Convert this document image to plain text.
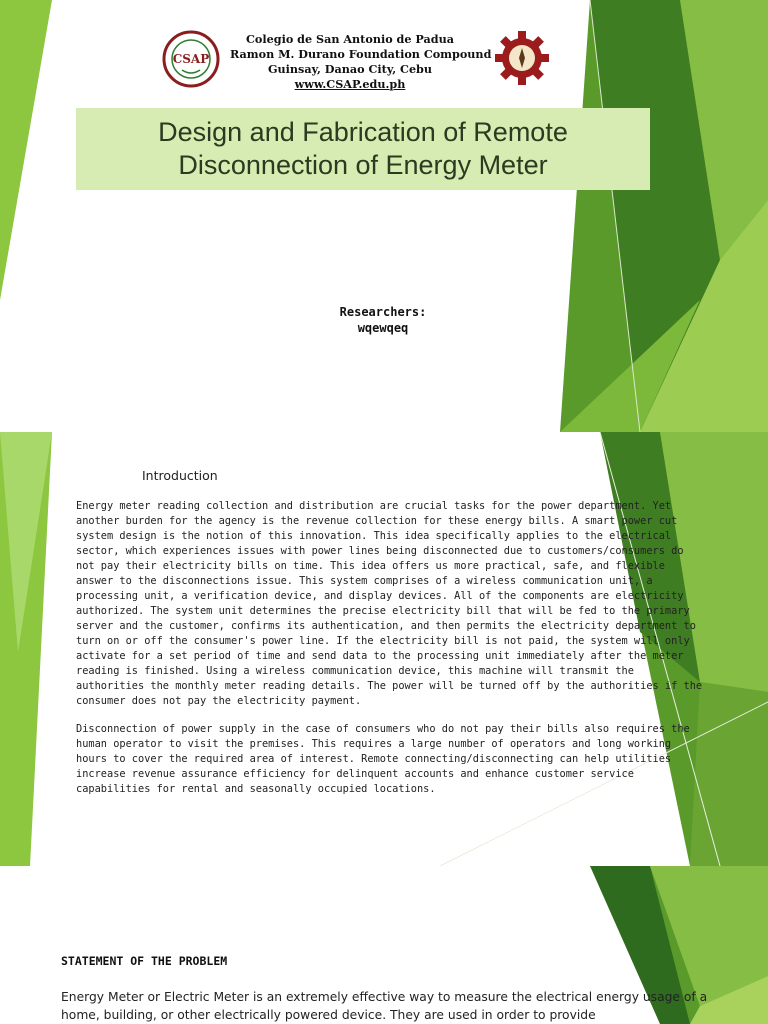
CSAP
Colegio de San Antonio de Padua
Ramon M. Durano Foundation Compound
Guinsay, Danao City, Cebu
www.CSAP.edu.ph
Design and Fabrication of Remote
Disconnection of Energy Meter
Researchers:
wqewqeq
Introduction

Energy meter reading collection and distribution are crucial tasks for the power department. Yet another burden for the agency is the revenue collection for these energy bills. A smart power cut system design is the notion of this innovation. This idea specifically applies to the electrical sector, which experiences issues with power lines being disconnected due to customers/consumers do not pay their electricity bills on time. This idea offers us more practical, safe, and flexible answer to the disconnections issue. This system comprises of a wireless communication unit, a processing unit, a verification device, and display devices. All of the components are electricity authorized. The system unit determines the precise electricity bill that will be fed to the primary server and the customer, confirms its authentication, and then permits the electricity department to turn on or off the consumer's power line. If the electricity bill is not paid, the system will only activate for a set period of time and send data to the processing unit immediately after the meter reading is finished. Using a wireless communication device, this machine will transmit the authorities the monthly meter reading details. The power will be turned off by the authorities if the consumer does not pay the electricity payment.

Disconnection of power supply in the case of consumers who do not pay their bills also requires the human operator to visit the premises. This requires a large number of operators and long working hours to cover the required area of interest. Remote connecting/disconnecting can help utilities increase revenue assurance efficiency for delinquent accounts and enhance customer service capabilities for rental and seasonally occupied locations.

STATEMENT OF THE PROBLEM

Energy Meter or Electric Meter is an extremely effective way to measure the electrical energy usage of a home, building, or other electrically powered device. They are used in order to provide
